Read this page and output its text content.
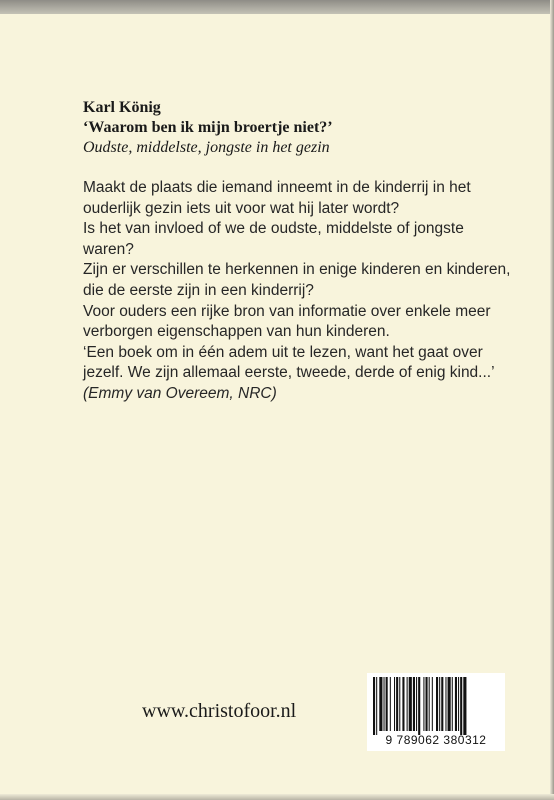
Karl König
‘Waarom ben ik mijn broertje niet?’
Oudste, middelste, jongste in het gezin

Maakt de plaats die iemand inneemt in de kinderrij in het ouderlijk gezin iets uit voor wat hij later wordt?

Is het van invloed of we de oudste, middelste of jongste waren?

Zijn er verschillen te herkennen in enige kinderen en kinderen, die de eerste zijn in een kinderrij?

Voor ouders een rijke bron van informatie over enkele meer verborgen eigenschappen van hun kinderen.

‘Een boek om in één adem uit te lezen, want het gaat over jezelf. We zijn allemaal eerste, tweede, derde of enig kind...’

(Emmy van Overeem, NRC)

www.christofoor.nl
9 789062 380312
